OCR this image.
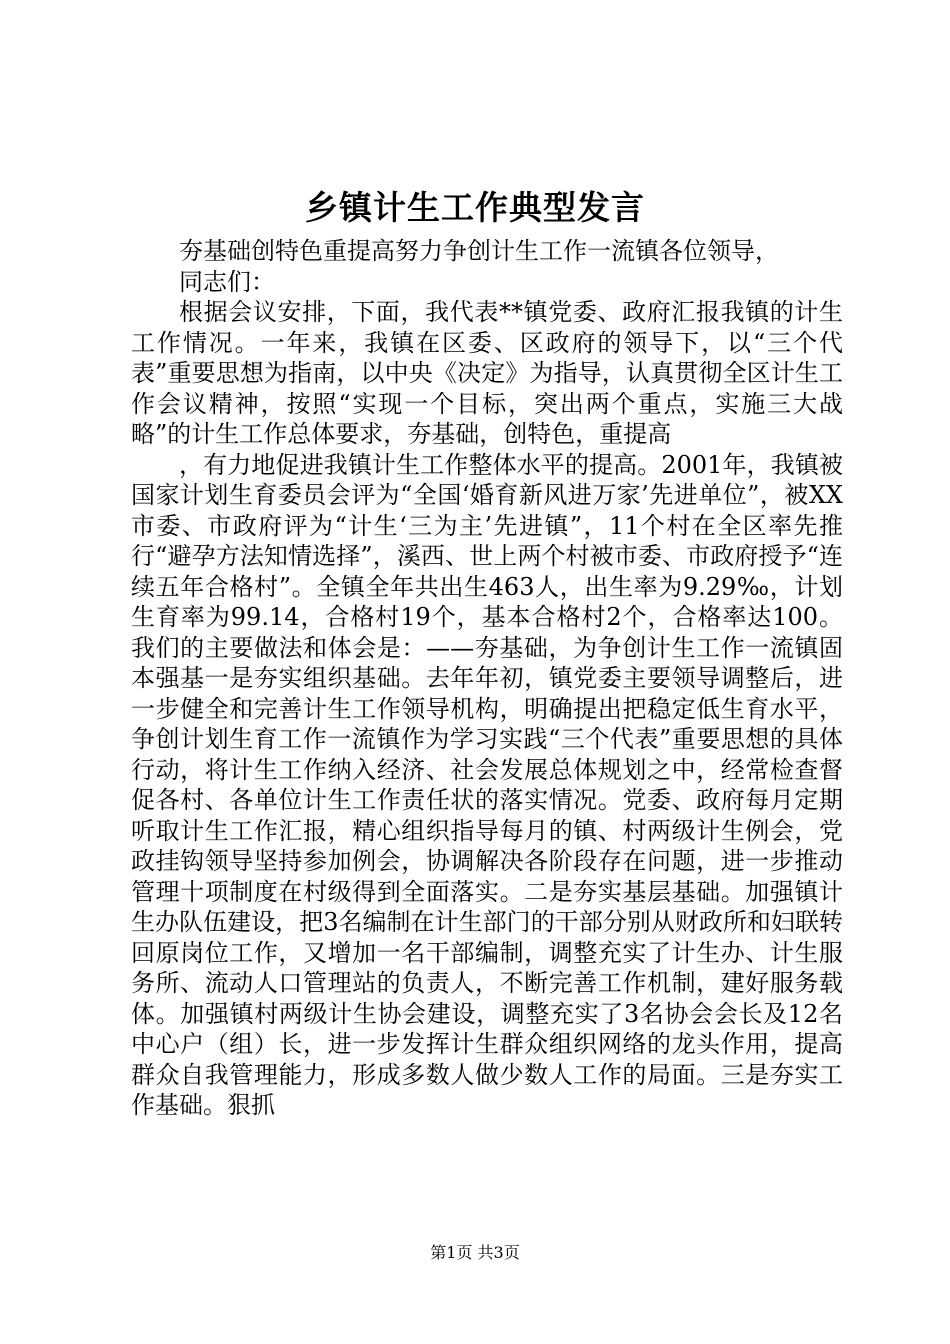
乡镇计生工作典型发言

夯基础创特色重提高努力争创计生工作一流镇各位领导，

同志们：

根据会议安排，下面，我代表**镇党委、政府汇报我镇的计生工作情况。一年来，我镇在区委、区政府的领导下，以“三个代表”重要思想为指南，以中央《决定》为指导，认真贯彻全区计生工作会议精神，按照“实现一个目标，突出两个重点，实施三大战略”的计生工作总体要求，夯基础，创特色，重提高

，有力地促进我镇计生工作整体水平的提高。2001年，我镇被国家计划生育委员会评为“全国‘婚育新风进万家’先进单位”，被XX市委、市政府评为“计生‘三为主’先进镇”，11个村在全区率先推行“避孕方法知情选择”，溪西、世上两个村被市委、市政府授予“连续五年合格村”。全镇全年共出生463人，出生率为9.29‰，计划生育率为99.14，合格村19个，基本合格村2个，合格率达100。我们的主要做法和体会是：——夯基础，为争创计生工作一流镇固本强基一是夯实组织基础。去年年初，镇党委主要领导调整后，进一步健全和完善计生工作领导机构，明确提出把稳定低生育水平，争创计划生育工作一流镇作为学习实践“三个代表”重要思想的具体行动，将计生工作纳入经济、社会发展总体规划之中，经常检查督促各村、各单位计生工作责任状的落实情况。党委、政府每月定期听取计生工作汇报，精心组织指导每月的镇、村两级计生例会，党政挂钩领导坚持参加例会，协调解决各阶段存在问题，进一步推动管理十项制度在村级得到全面落实。二是夯实基层基础。加强镇计生办队伍建设，把3名编制在计生部门的干部分别从财政所和妇联转回原岗位工作，又增加一名干部编制，调整充实了计生办、计生服务所、流动人口管理站的负责人，不断完善工作机制，建好服务载体。加强镇村两级计生协会建设，调整充实了3名协会会长及12名中心户（组）长，进一步发挥计生群众组织网络的龙头作用，提高群众自我管理能力，形成多数人做少数人工作的局面。三是夯实工作基础。狠抓

第1页 共3页
